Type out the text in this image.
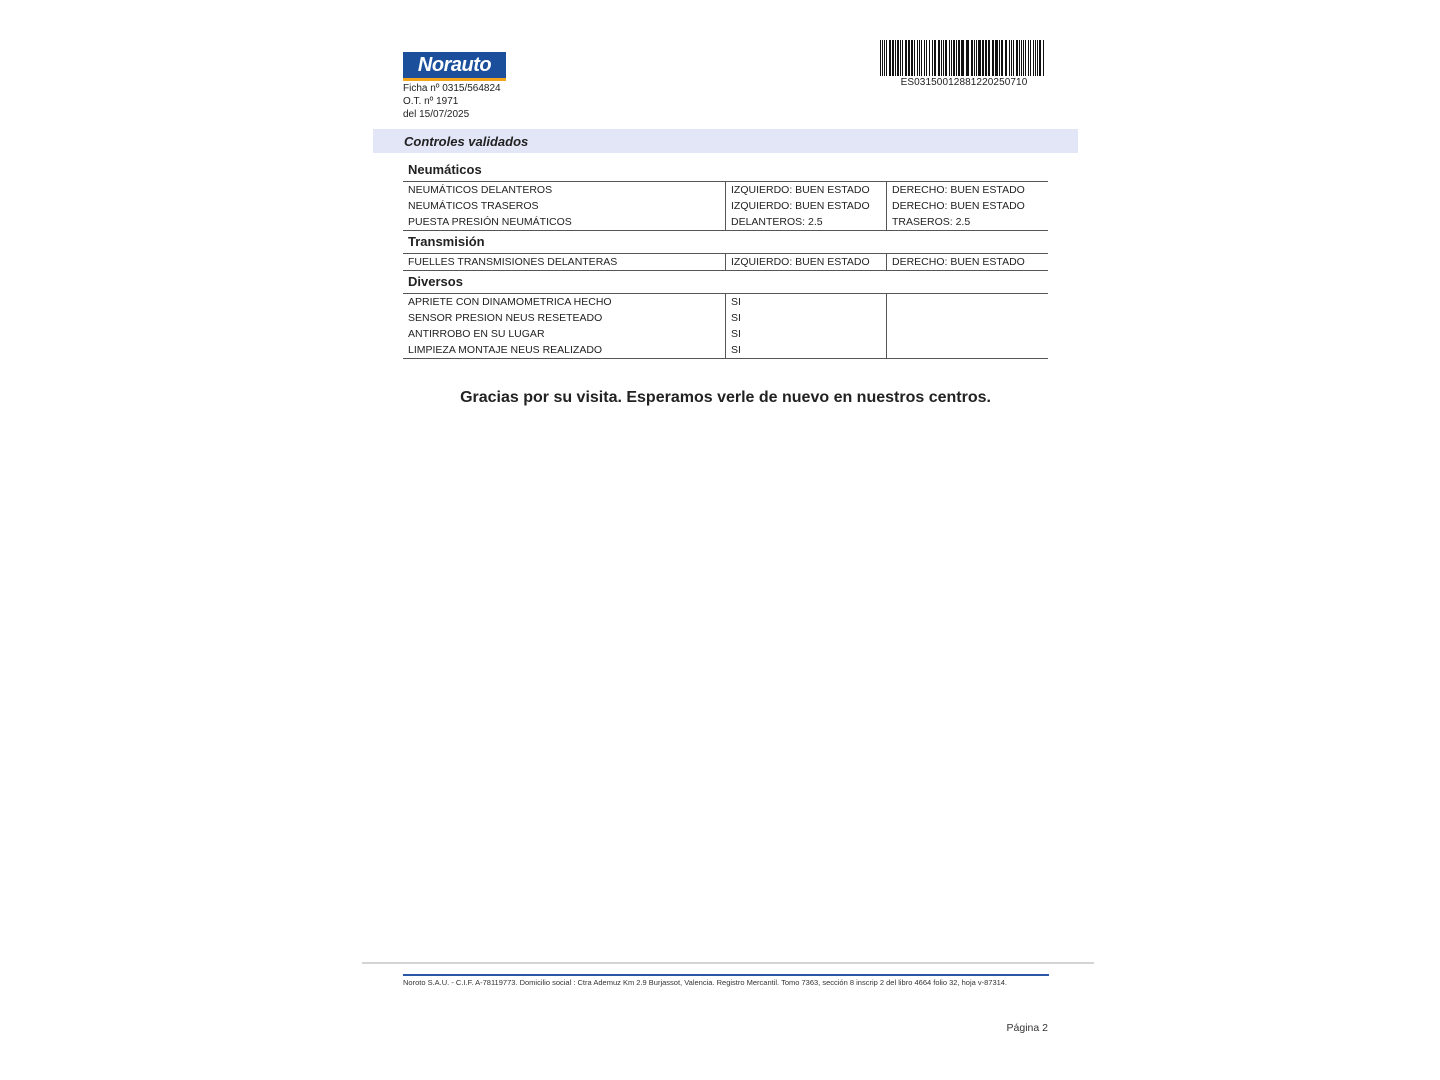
Norauto
Ficha nº 0315/564824
O.T. nº 1971
del 15/07/2025
ES03150012881220250710
Controles validados
Neumáticos
NEUMÁTICOS DELANTEROS	IZQUIERDO: BUEN ESTADO	DERECHO: BUEN ESTADO
NEUMÁTICOS TRASEROS	IZQUIERDO: BUEN ESTADO	DERECHO: BUEN ESTADO
PUESTA PRESIÓN NEUMÁTICOS	DELANTEROS: 2.5	TRASEROS: 2.5
Transmisión
FUELLES TRANSMISIONES DELANTERAS	IZQUIERDO: BUEN ESTADO	DERECHO: BUEN ESTADO
Diversos
APRIETE CON DINAMOMETRICA HECHO	SI	
SENSOR PRESION NEUS RESETEADO	SI	
ANTIRROBO EN SU LUGAR	SI	
LIMPIEZA MONTAJE NEUS REALIZADO	SI	
Gracias por su visita. Esperamos verle de nuevo en nuestros centros.
Noroto S.A.U. - C.I.F. A-78119773. Domicilio social : Ctra Ademuz Km 2.9 Burjassot, Valencia. Registro Mercantil. Tomo 7363, sección 8 inscrip 2 del libro 4664 folio 32, hoja v-87314.
Página 2
